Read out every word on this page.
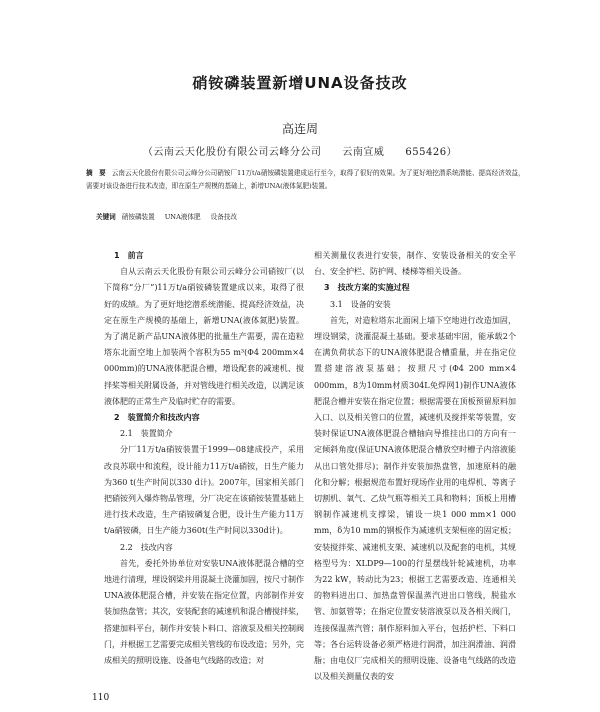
硝铵磷装置新增UNA设备技改
高连周
（云南云天化股份有限公司云峰分公司　　云南宣威　　655426）
摘　要 云南云天化股份有限公司云峰分公司硝铵厂11万t/a硝铵磷装置建成运行至今，取得了很好的效果。为了更好地挖潜系统潜能、提高经济效益，需要对该设备进行技术改造，即在原生产规模的基础上，新增UNA(液体氮肥)装置。
关键词 硝铵磷装置 UNA液体肥 设备技改
1　前言

自从云南云天化股份有限公司云峰分公司硝铵厂(以下简称“分厂”)11万t/a硝铵磷装置建成以来，取得了很好的成绩。为了更好地挖潜系统潜能、提高经济效益，决定在原生产规模的基础上，新增UNA(液体氮肥)装置。为了满足新产品UNA液体肥的批量生产需要，需在造粒塔东北面空地上加装两个容积为55 m³(Φ4 200mm×4 000mm)的UNA液体肥混合槽，增设配套的减速机、搅拌桨等相关附属设备，并对管线进行相关改造，以满足该液体肥的正常生产及临时贮存的需要。

2　装置简介和技改内容
2.1　装置简介

分厂11万t/a硝铵装置于1999—08建成投产，采用改良苏联中和流程，设计能力11万t/a硝铵，日生产能力为360 t(生产时间以330 d计)。2007年，国家相关部门把硝铵列入爆炸物品管理，分厂决定在该硝铵装置基础上进行技术改造，生产硝铵磷复合肥，设计生产能力11万t/a硝铵磷，日生产能力360t(生产时间以330d计)。

2.2　技改内容

首先，委托外协单位对安装UNA液体肥混合槽的空地进行清理，埋设钢梁并用混凝土浇灌加固，按尺寸制作UNA液体肥混合槽，并安装在指定位置，内部制作并安装加热盘管；其次，安装配套的减速机和混合槽搅拌桨，搭建加料平台，制作并安装卜料口、溶液泵及相关控制阀门，并根据工艺需要完成相关管线的布设改造；另外，完成相关的照明设施、设备电气线路的改造；对

相关测量仪表进行安装，制作、安装设备相关的安全平台、安全护栏、防护网、楼梯等相关设备。

3　技改方案的实施过程
3.1　设备的安装

首先，对造粒塔东北面闲上墙下空地进行改造加固，埋设钢梁，浇灌混凝土基础。要求基础牢固，能承载2个在满负荷状态下的UNA液体肥混合槽重量，并在指定位置搭建溶液泵基础；按照尺寸(Φ4 200 mm×4 000mm，8为10mm材质304L免焊网1)制作UNA液体肥混合槽并安装在指定位置；根据需要在顶板预留原料加入口、以及相关管口的位置，减速机及搅拌桨等装置，安装时保证UNA液体肥混合槽轴向导推挂出口的方向有一定倾斜角度(保证UNA液体肥混合槽放空时槽子内溶液能从出口管处排尽)；制作并安装加热盘管，加速原料的融化和分解；根据规范布置好现场作业用的电焊机、等离子切割机、氧气、乙炔气瓶等相关工具和物料；顶板上用槽钢制作减速机支撑梁，铺设一块1 000 mm×1 000 mm，δ为10 mm的钢板作为减速机支架桓座的固定板；安装搅拌桨、减速机支架、减速机以及配套的电机，其规格型号为：XLDP9—100的行星摆线针轮减速机，功率为22 kW，转动比为23；根据工艺需要改造、连通相关的物料进出口、加热盘管保温蒸汽进出口管线，脱盐水管、加氨管等；在指定位置安装溶液泵以及各相关阀门，连接保温蒸汽管；制作原料加入平台，包括护栏、下料口等；各台运转设备必须严格进行润滑，加注润滑油、润滑脂；由电仪厂完成相关的照明设施、设备电气线路的改造以及相关测量仪表的安

110
